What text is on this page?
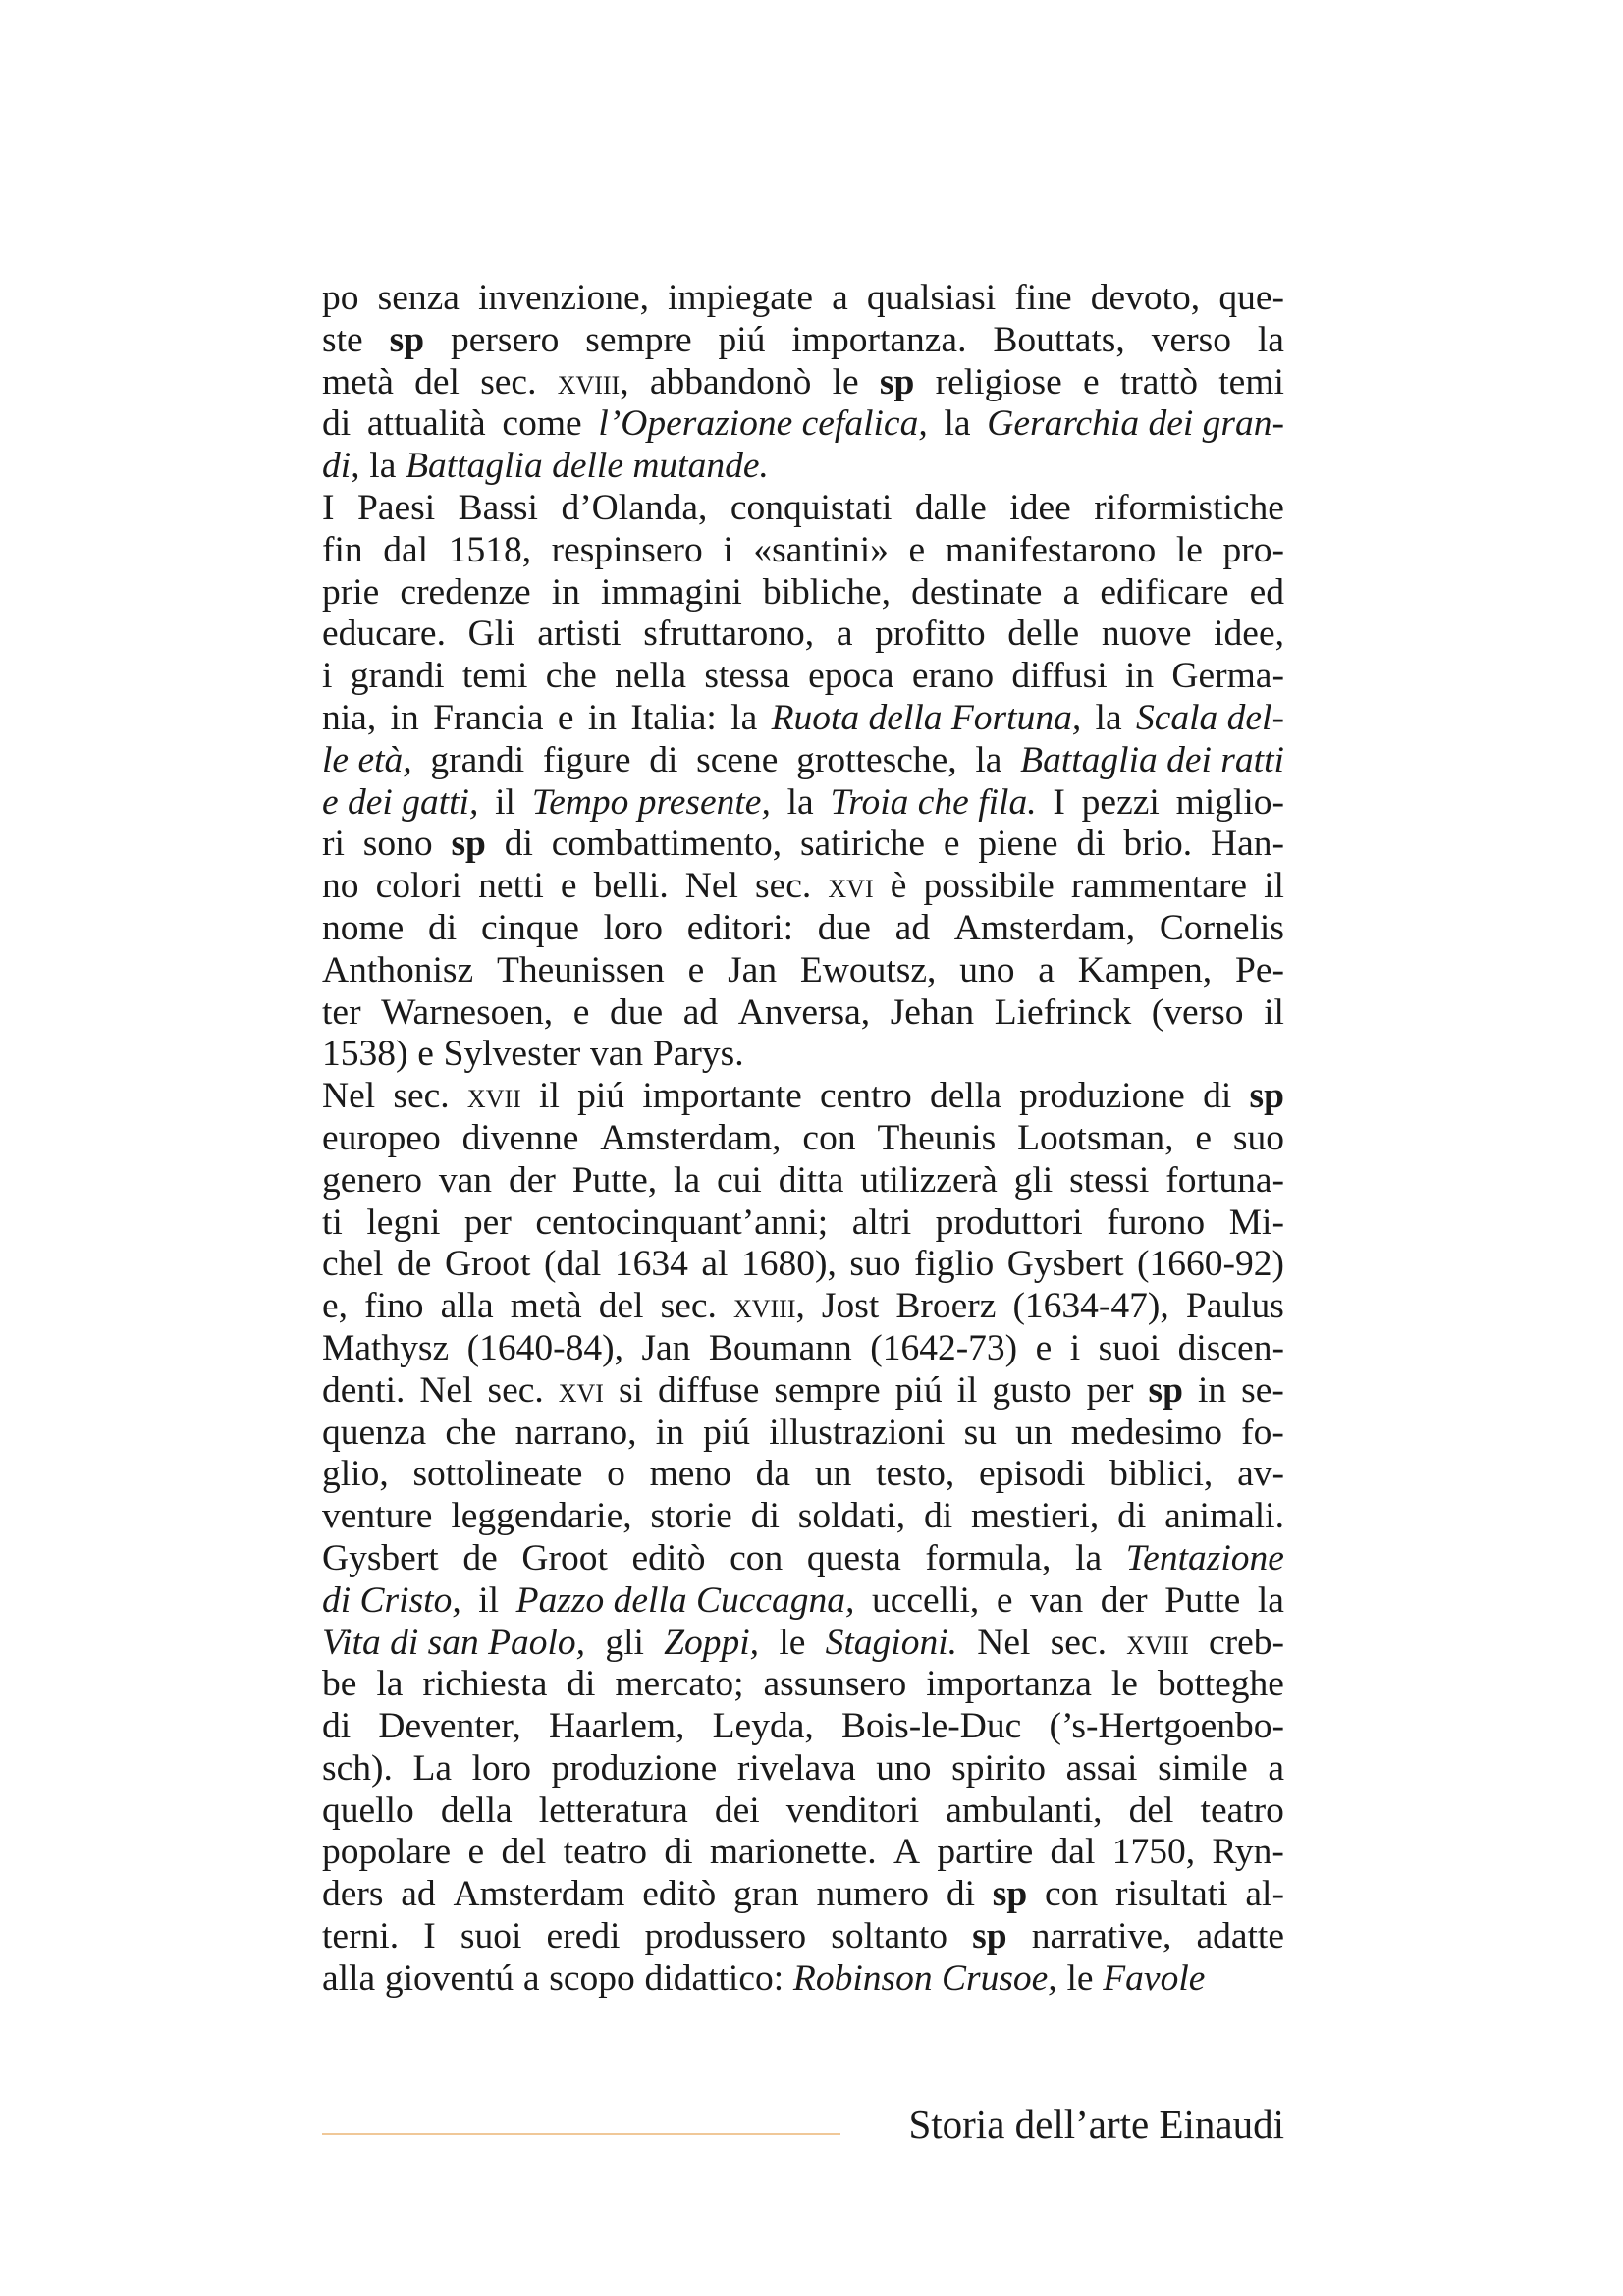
po senza invenzione, impiegate a qualsiasi fine devoto, que-
ste sp persero sempre piú importanza. Bouttats, verso la
metà del sec. xviii, abbandonò le sp religiose e trattò temi
di attualità come l’Operazione cefalica, la Gerarchia dei gran-
di, la Battaglia delle mutande.
I Paesi Bassi d’Olanda, conquistati dalle idee riformistiche
fin dal 1518, respinsero i «santini» e manifestarono le pro-
prie credenze in immagini bibliche, destinate a edificare ed
educare. Gli artisti sfruttarono, a profitto delle nuove idee,
i grandi temi che nella stessa epoca erano diffusi in Germa-
nia, in Francia e in Italia: la Ruota della Fortuna, la Scala del-
le età, grandi figure di scene grottesche, la Battaglia dei ratti
e dei gatti, il Tempo presente, la Troia che fila. I pezzi miglio-
ri sono sp di combattimento, satiriche e piene di brio. Han-
no colori netti e belli. Nel sec. xvi è possibile rammentare il
nome di cinque loro editori: due ad Amsterdam, Cornelis
Anthonisz Theunissen e Jan Ewoutsz, uno a Kampen, Pe-
ter Warnesoen, e due ad Anversa, Jehan Liefrinck (verso il
1538) e Sylvester van Parys.
Nel sec. xvii il piú importante centro della produzione di sp
europeo divenne Amsterdam, con Theunis Lootsman, e suo
genero van der Putte, la cui ditta utilizzerà gli stessi fortuna-
ti legni per centocinquant’anni; altri produttori furono Mi-
chel de Groot (dal 1634 al 1680), suo figlio Gysbert (1660-92)
e, fino alla metà del sec. xviii, Jost Broerz (1634-47), Paulus
Mathysz (1640-84), Jan Boumann (1642-73) e i suoi discen-
denti. Nel sec. xvi si diffuse sempre piú il gusto per sp in se-
quenza che narrano, in piú illustrazioni su un medesimo fo-
glio, sottolineate o meno da un testo, episodi biblici, av-
venture leggendarie, storie di soldati, di mestieri, di animali.
Gysbert de Groot editò con questa formula, la Tentazione
di Cristo, il Pazzo della Cuccagna, uccelli, e van der Putte la
Vita di san Paolo, gli Zoppi, le Stagioni. Nel sec. xviii creb-
be la richiesta di mercato; assunsero importanza le botteghe
di Deventer, Haarlem, Leyda, Bois-le-Duc (’s-Hertgoenbo-
sch). La loro produzione rivelava uno spirito assai simile a
quello della letteratura dei venditori ambulanti, del teatro
popolare e del teatro di marionette. A partire dal 1750, Ryn-
ders ad Amsterdam editò gran numero di sp con risultati al-
terni. I suoi eredi produssero soltanto sp narrative, adatte
alla gioventú a scopo didattico: Robinson Crusoe, le Favole
Storia dell’arte Einaudi
